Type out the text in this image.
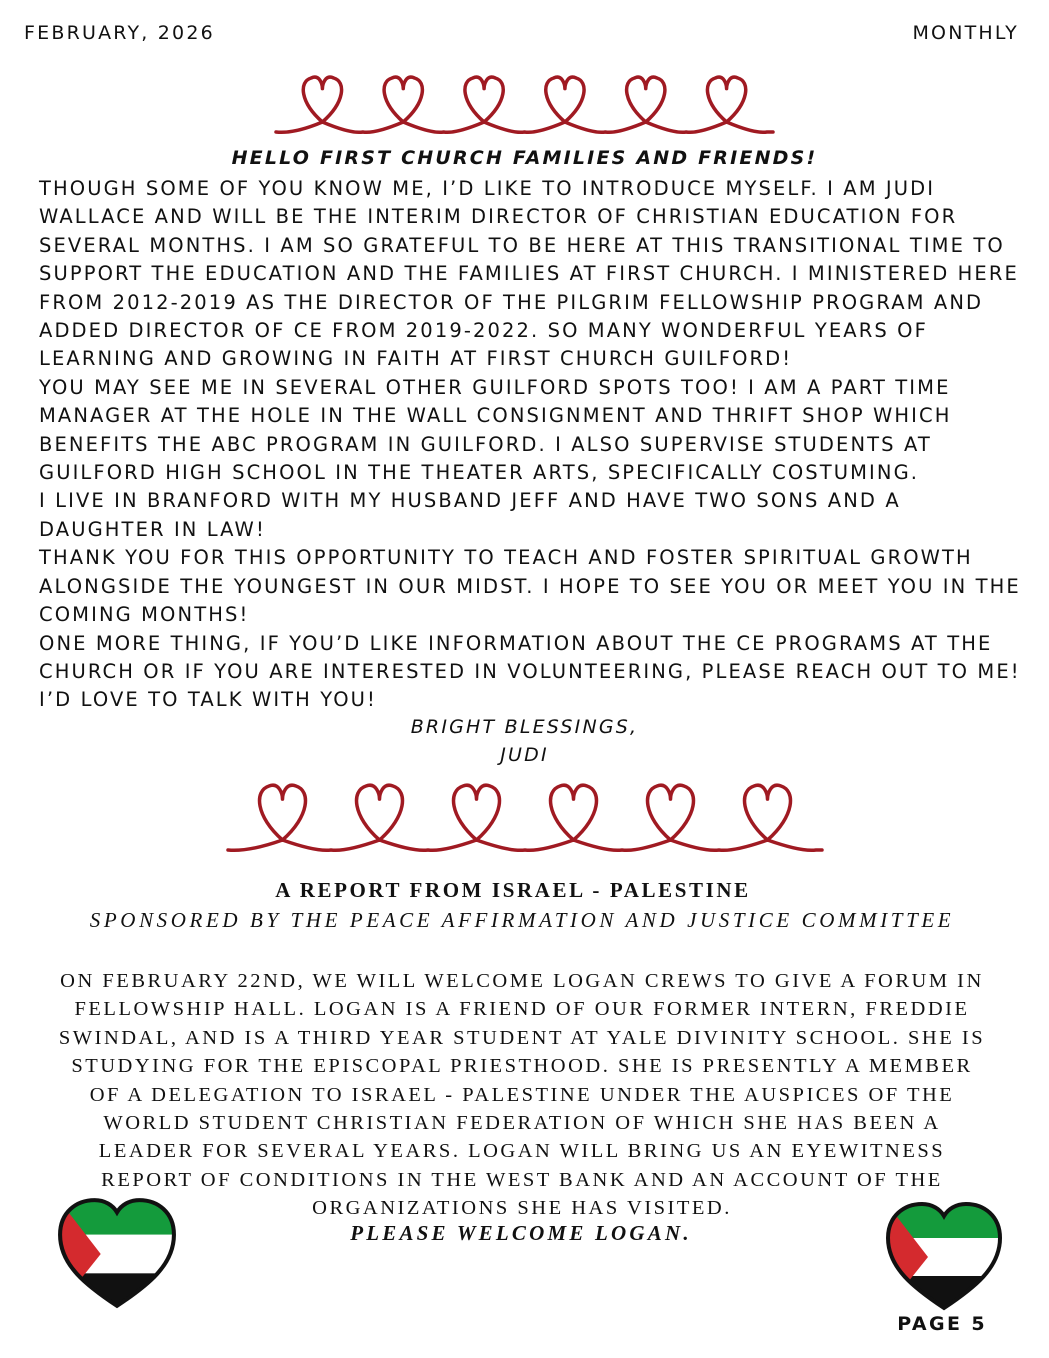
FEBRUARY, 2026	MONTHLY
HELLO FIRST CHURCH FAMILIES AND FRIENDS!

THOUGH SOME OF YOU KNOW ME, I’D LIKE TO INTRODUCE MYSELF. I AM JUDI WALLACE AND WILL BE THE INTERIM DIRECTOR OF CHRISTIAN EDUCATION FOR SEVERAL MONTHS. I AM SO GRATEFUL TO BE HERE AT THIS TRANSITIONAL TIME TO SUPPORT THE EDUCATION AND THE FAMILIES AT FIRST CHURCH. I MINISTERED HERE FROM 2012-2019 AS THE DIRECTOR OF THE PILGRIM FELLOWSHIP PROGRAM AND ADDED DIRECTOR OF CE FROM 2019-2022. SO MANY WONDERFUL YEARS OF LEARNING AND GROWING IN FAITH AT FIRST CHURCH GUILFORD!

YOU MAY SEE ME IN SEVERAL OTHER GUILFORD SPOTS TOO! I AM A PART TIME MANAGER AT THE HOLE IN THE WALL CONSIGNMENT AND THRIFT SHOP WHICH BENEFITS THE ABC PROGRAM IN GUILFORD. I ALSO SUPERVISE STUDENTS AT GUILFORD HIGH SCHOOL IN THE THEATER ARTS, SPECIFICALLY COSTUMING.

I LIVE IN BRANFORD WITH MY HUSBAND JEFF AND HAVE TWO SONS AND A DAUGHTER IN LAW!

THANK YOU FOR THIS OPPORTUNITY TO TEACH AND FOSTER SPIRITUAL GROWTH ALONGSIDE THE YOUNGEST IN OUR MIDST. I HOPE TO SEE YOU OR MEET YOU IN THE COMING MONTHS!

ONE MORE THING, IF YOU’D LIKE INFORMATION ABOUT THE CE PROGRAMS AT THE CHURCH OR IF YOU ARE INTERESTED IN VOLUNTEERING, PLEASE REACH OUT TO ME! I’D LOVE TO TALK WITH YOU!

BRIGHT BLESSINGS,
JUDI
A REPORT FROM ISRAEL - PALESTINE
SPONSORED BY THE PEACE AFFIRMATION AND JUSTICE COMMITTEE

ON FEBRUARY 22ND, WE WILL WELCOME LOGAN CREWS TO GIVE A FORUM IN

FELLOWSHIP HALL. LOGAN IS A FRIEND OF OUR FORMER INTERN, FREDDIE

SWINDAL, AND IS A THIRD YEAR STUDENT AT YALE DIVINITY SCHOOL. SHE IS

STUDYING FOR THE EPISCOPAL PRIESTHOOD. SHE IS PRESENTLY A MEMBER

OF A DELEGATION TO ISRAEL - PALESTINE UNDER THE AUSPICES OF THE

WORLD STUDENT CHRISTIAN FEDERATION OF WHICH SHE HAS BEEN A

LEADER FOR SEVERAL YEARS. LOGAN WILL BRING US AN EYEWITNESS

REPORT OF CONDITIONS IN THE WEST BANK AND AN ACCOUNT OF THE

ORGANIZATIONS SHE HAS VISITED.

PLEASE WELCOME LOGAN.
PAGE 5
